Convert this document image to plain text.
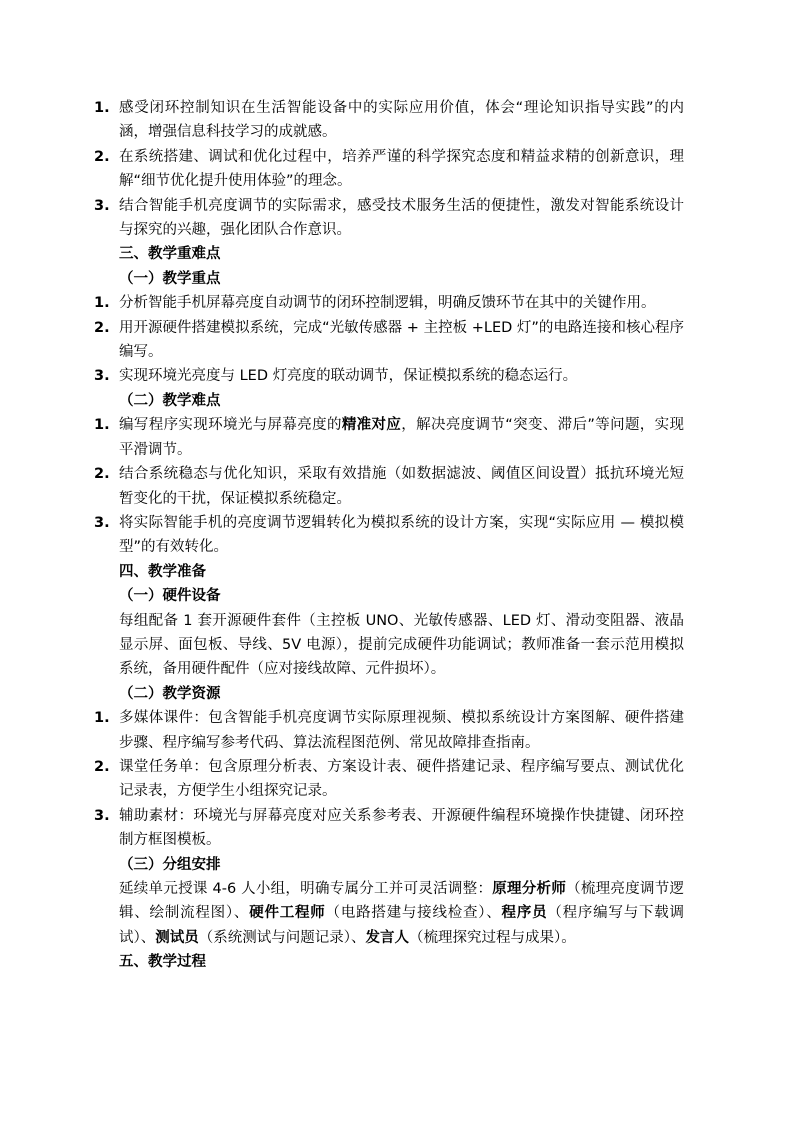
1. 感受闭环控制知识在生活智能设备中的实际应用价值，体会“理论知识指导实践”的内涵，增强信息科技学习的成就感。
2. 在系统搭建、调试和优化过程中，培养严谨的科学探究态度和精益求精的创新意识，理解“细节优化提升使用体验”的理念。
3. 结合智能手机亮度调节的实际需求，感受技术服务生活的便捷性，激发对智能系统设计与探究的兴趣，强化团队合作意识。
三、教学重难点
（一）教学重点
1. 分析智能手机屏幕亮度自动调节的闭环控制逻辑，明确反馈环节在其中的关键作用。
2. 用开源硬件搭建模拟系统，完成“光敏传感器 + 主控板 +LED 灯”的电路连接和核心程序编写。
3. 实现环境光亮度与 LED 灯亮度的联动调节，保证模拟系统的稳态运行。
（二）教学难点
1. 编写程序实现环境光与屏幕亮度的精准对应，解决亮度调节“突变、滞后”等问题，实现平滑调节。
2. 结合系统稳态与优化知识，采取有效措施（如数据滤波、阈值区间设置）抵抗环境光短暂变化的干扰，保证模拟系统稳定。
3. 将实际智能手机的亮度调节逻辑转化为模拟系统的设计方案，实现“实际应用 — 模拟模型”的有效转化。
四、教学准备
（一）硬件设备
每组配备 1 套开源硬件套件（主控板 UNO、光敏传感器、LED 灯、滑动变阻器、液晶显示屏、面包板、导线、5V 电源），提前完成硬件功能调试；教师准备一套示范用模拟系统，备用硬件配件（应对接线故障、元件损坏）。
（二）教学资源
1. 多媒体课件：包含智能手机亮度调节实际原理视频、模拟系统设计方案图解、硬件搭建步骤、程序编写参考代码、算法流程图范例、常见故障排查指南。
2. 课堂任务单：包含原理分析表、方案设计表、硬件搭建记录、程序编写要点、测试优化记录表，方便学生小组探究记录。
3. 辅助素材：环境光与屏幕亮度对应关系参考表、开源硬件编程环境操作快捷键、闭环控制方框图模板。
（三）分组安排
延续单元授课 4-6 人小组，明确专属分工并可灵活调整：原理分析师（梳理亮度调节逻辑、绘制流程图）、硬件工程师（电路搭建与接线检查）、程序员（程序编写与下载调试）、测试员（系统测试与问题记录）、发言人（梳理探究过程与成果）。
五、教学过程
